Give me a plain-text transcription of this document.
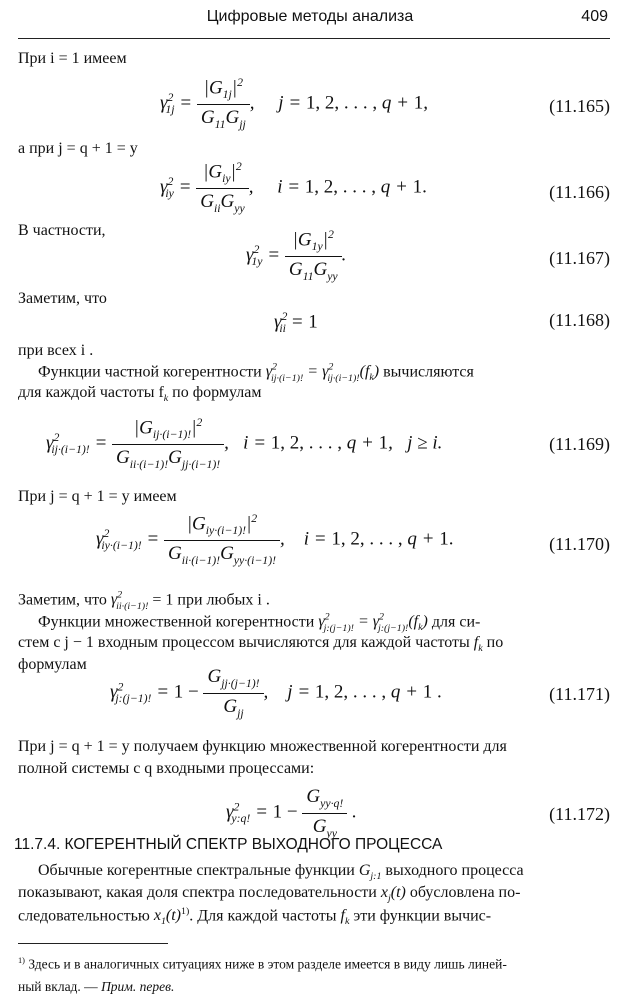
Цифровые методы анализа	409
При i = 1 имеем
$\gamma^2_{1j} = \frac{|G_{1j}|^2}{G_{11}G_{jj}}$ ,     j = 1, 2, . . . , q + 1,	(11.165)
а при j = q + 1 = y
$\gamma^2_{iy} = \frac{|G_{iy}|^2}{G_{ii}G_{yy}}$ ,     i = 1, 2, . . . , q + 1.	(11.166)
В частности,
$\gamma^2_{1y} = \frac{|G_{1y}|^2}{G_{11}G_{yy}}$ .	(11.167)
Заметим, что
$\gamma^2_{ii} = 1$	(11.168)
при всех i .
Функции частной когерентности $\gamma^2_{ij\cdot(i-1)!} = \gamma^2_{ij\cdot(i-1)!}(f_k)$ вычисляются
для каждой частоты $f_k$ по формулам
$\gamma^2_{ij\cdot(i-1)!} = \frac{|G_{ij\cdot(i-1)!}|^2}{G_{ii\cdot(i-1)!}G_{jj\cdot(i-1)!}}$ ,   i = 1, 2, . . . , q + 1,   j ≥ i.	(11.169)
При j = q + 1 = y имеем
$\gamma^2_{iy\cdot(i-1)!} = \frac{|G_{iy\cdot(i-1)!}|^2}{G_{ii\cdot(i-1)!}G_{yy\cdot(i-1)!}}$ ,    i = 1, 2, . . . , q + 1.	(11.170)
Заметим, что $\gamma^2_{ii\cdot(i-1)!} = 1$ при любых i .
Функции множественной когерентности $\gamma^2_{j:(j-1)!} = \gamma^2_{j:(j-1)!}(f_k)$ для си-
стем с j − 1 входным процессом вычисляются для каждой частоты $f_k$ по
формулам
$\gamma^2_{j:(j-1)!} = 1 - \frac{G_{jj\cdot(j-1)!}}{G_{jj}}$ ,    j = 1, 2, . . . , q + 1 .	(11.171)
При j = q + 1 = y получаем функцию множественной когерентности для
полной системы с q входными процессами:
$\gamma^2_{y:q!} = 1 - \frac{G_{yy\cdot q!}}{G_{yy}}$ .	(11.172)
11.7.4. КОГЕРЕНТНЫЙ СПЕКТР ВЫХОДНОГО ПРОЦЕССА
Обычные когерентные спектральные функции $G_{j:1}$ выходного процесса
показывают, какая доля спектра последовательности $x_j(t)$ обусловлена по-
следовательностью $x_1(t)^{1)}$. Для каждой частоты $f_k$ эти функции вычис-
$^{1)}$ Здесь и в аналогичных ситуациях ниже в этом разделе имеется в виду лишь линей-
ный вклад. — Прим. перев.
